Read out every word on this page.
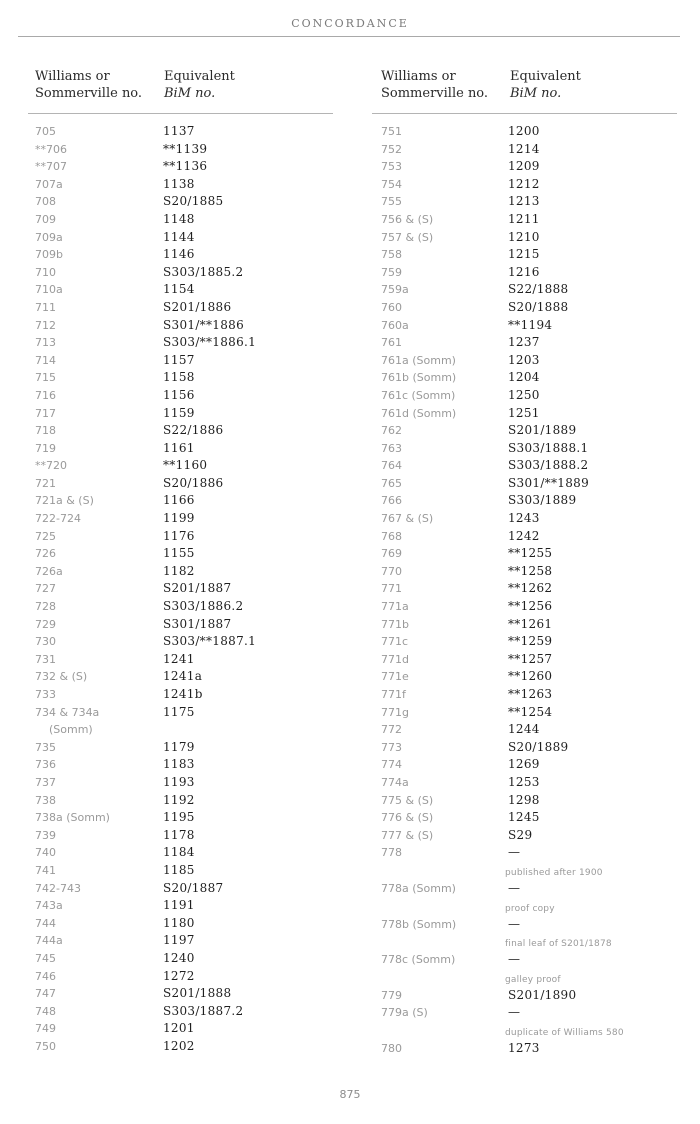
CONCORDANCE
Williams or
Sommerville no.
Equivalent
BiM no.
705	1137
**706	**1139
**707	**1136
707a	1138
708	S20/1885
709	1148
709a	1144
709b	1146
710	S303/1885.2
710a	1154
711	S201/1886
712	S301/**1886
713	S303/**1886.1
714	1157
715	1158
716	1156
717	1159
718	S22/1886
719	1161
**720	**1160
721	S20/1886
721a & (S)	1166
722-724	1199
725	1176
726	1155
726a	1182
727	S201/1887
728	S303/1886.2
729	S301/1887
730	S303/**1887.1
731	1241
732 & (S)	1241a
733	1241b
734 & 734a	1175
(Somm)
735	1179
736	1183
737	1193
738	1192
738a (Somm)	1195
739	1178
740	1184
741	1185
742-743	S20/1887
743a	1191
744	1180
744a	1197
745	1240
746	1272
747	S201/1888
748	S303/1887.2
749	1201
750	1202
Williams or
Sommerville no.
Equivalent
BiM no.
751	1200
752	1214
753	1209
754	1212
755	1213
756 & (S)	1211
757 & (S)	1210
758	1215
759	1216
759a	S22/1888
760	S20/1888
760a	**1194
761	1237
761a (Somm)	1203
761b (Somm)	1204
761c (Somm)	1250
761d (Somm)	1251
762	S201/1889
763	S303/1888.1
764	S303/1888.2
765	S301/**1889
766	S303/1889
767 & (S)	1243
768	1242
769	**1255
770	**1258
771	**1262
771a	**1256
771b	**1261
771c	**1259
771d	**1257
771e	**1260
771f	**1263
771g	**1254
772	1244
773	S20/1889
774	1269
774a	1253
775 & (S)	1298
776 & (S)	1245
777 & (S)	S29
778	—
published after 1900
778a (Somm)	—
proof copy
778b (Somm)	—
final leaf of S201/1878
778c (Somm)	—
galley proof
779	S201/1890
779a (S)	—
duplicate of Williams 580
780	1273
875
